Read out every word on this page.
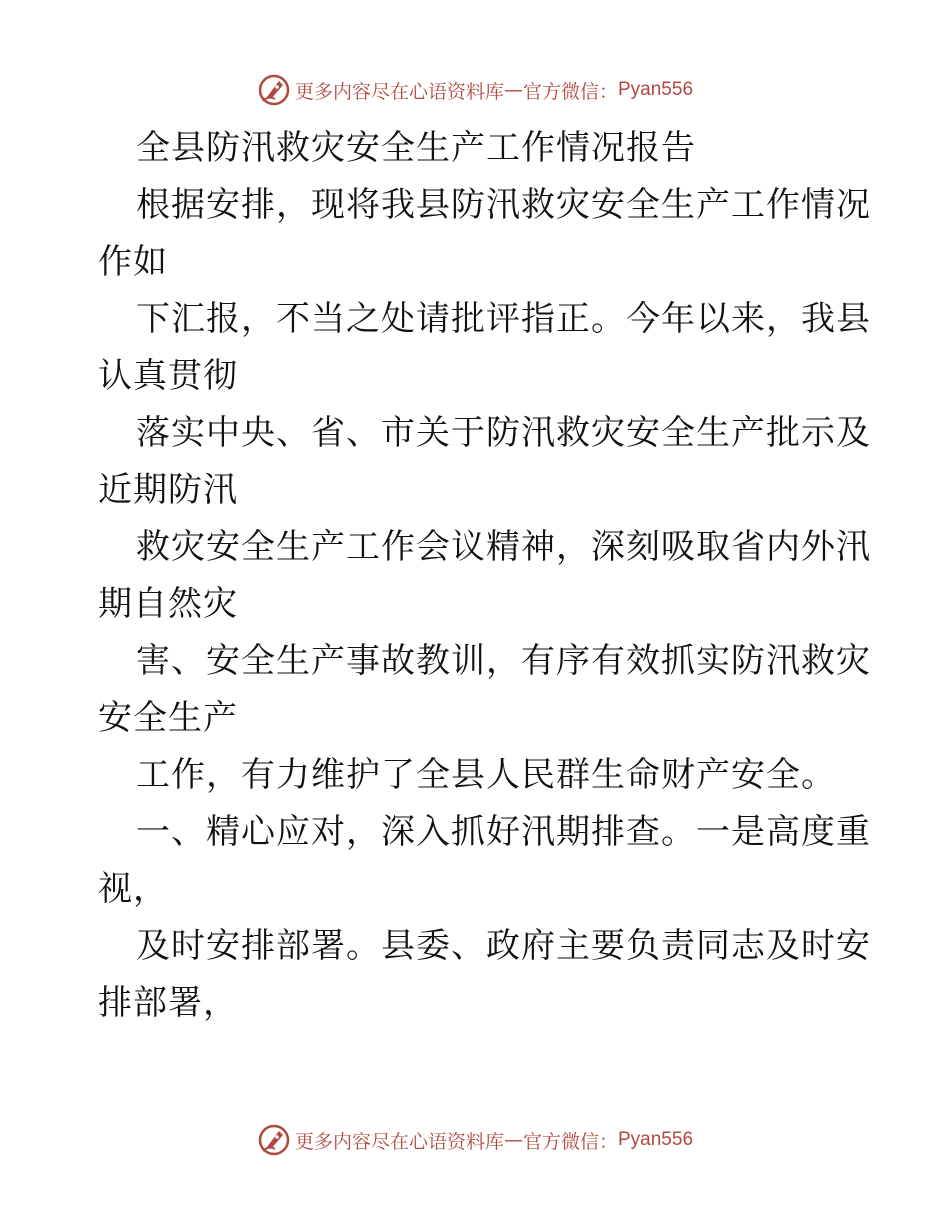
更多内容尽在心语资料库 — 官方微信： Pyan556
全县防汛救灾安全生产工作情况报告
根据安排，现将我县防汛救灾安全生产工作情况
作如
下汇报，不当之处请批评指正。今年以来，我县
认真贯彻
落实中央、省、市关于防汛救灾安全生产批示及
近期防汛
救灾安全生产工作会议精神，深刻吸取省内外汛
期自然灾
害、安全生产事故教训，有序有效抓实防汛救灾
安全生产
工作，有力维护了全县人民群生命财产安全。
一、精心应对，深入抓好汛期排查。一是高度重
视，
及时安排部署。县委、政府主要负责同志及时安
排部署，
更多内容尽在心语资料库 — 官方微信： Pyan556
